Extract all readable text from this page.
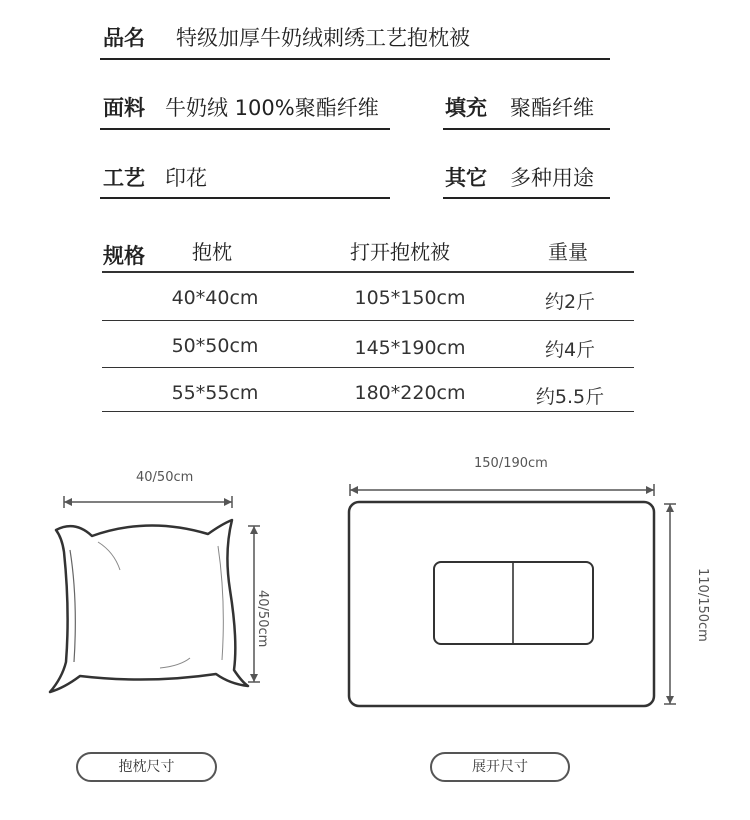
品名 特级加厚牛奶绒刺绣工艺抱枕被
面料 牛奶绒 100%聚酯纤维	填充 聚酯纤维
工艺 印花	其它 多种用途
规格 抱枕	打开抱枕被	重量
40*40cm	105*150cm	约2斤
50*50cm	145*190cm	约4斤
55*55cm	180*220cm	约5.5斤
40/50cm
40/50cm
150/190cm
110/150cm
抱枕尺寸	展开尺寸
